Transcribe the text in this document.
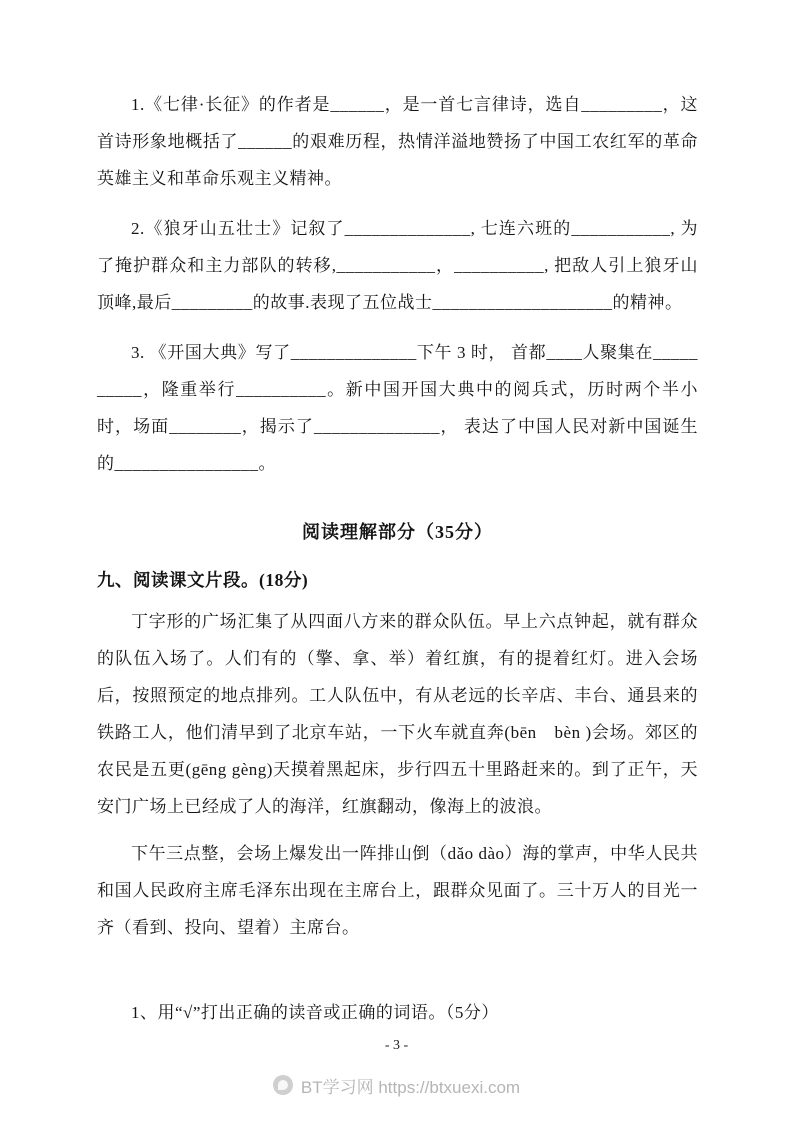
1.《七律·长征》的作者是______，是一首七言律诗，选自_________，这首诗形象地概括了______的艰难历程，热情洋溢地赞扬了中国工农红军的革命英雄主义和革命乐观主义精神。
2.《狼牙山五壮士》记叙了______________, 七连六班的___________, 为了掩护群众和主力部队的转移,___________，__________, 把敌人引上狼牙山顶峰,最后_________的故事.表现了五位战士____________________的精神。
3. 《开国大典》写了______________下午 3 时， 首都____人聚集在__________，隆重举行__________。新中国开国大典中的阅兵式，历时两个半小时，场面________，揭示了______________， 表达了中国人民对新中国诞生的________________。
阅读理解部分（35分）
九、阅读课文片段。(18分)
丁字形的广场汇集了从四面八方来的群众队伍。早上六点钟起，就有群众的队伍入场了。人们有的（擎、拿、举）着红旗，有的提着红灯。进入会场后，按照预定的地点排列。工人队伍中，有从老远的长辛店、丰台、通县来的铁路工人，他们清早到了北京车站，一下火车就直奔(bēn　bèn )会场。郊区的农民是五更(gēng gèng)天摸着黑起床，步行四五十里路赶来的。到了正午，天安门广场上已经成了人的海洋，红旗翻动，像海上的波浪。
下午三点整，会场上爆发出一阵排山倒（dǎo dào）海的掌声，中华人民共和国人民政府主席毛泽东出现在主席台上，跟群众见面了。三十万人的目光一齐（看到、投向、望着）主席台。
1、用“√”打出正确的读音或正确的词语。（5分）
- 3 -
BT学习网 https://btxuexi.com
